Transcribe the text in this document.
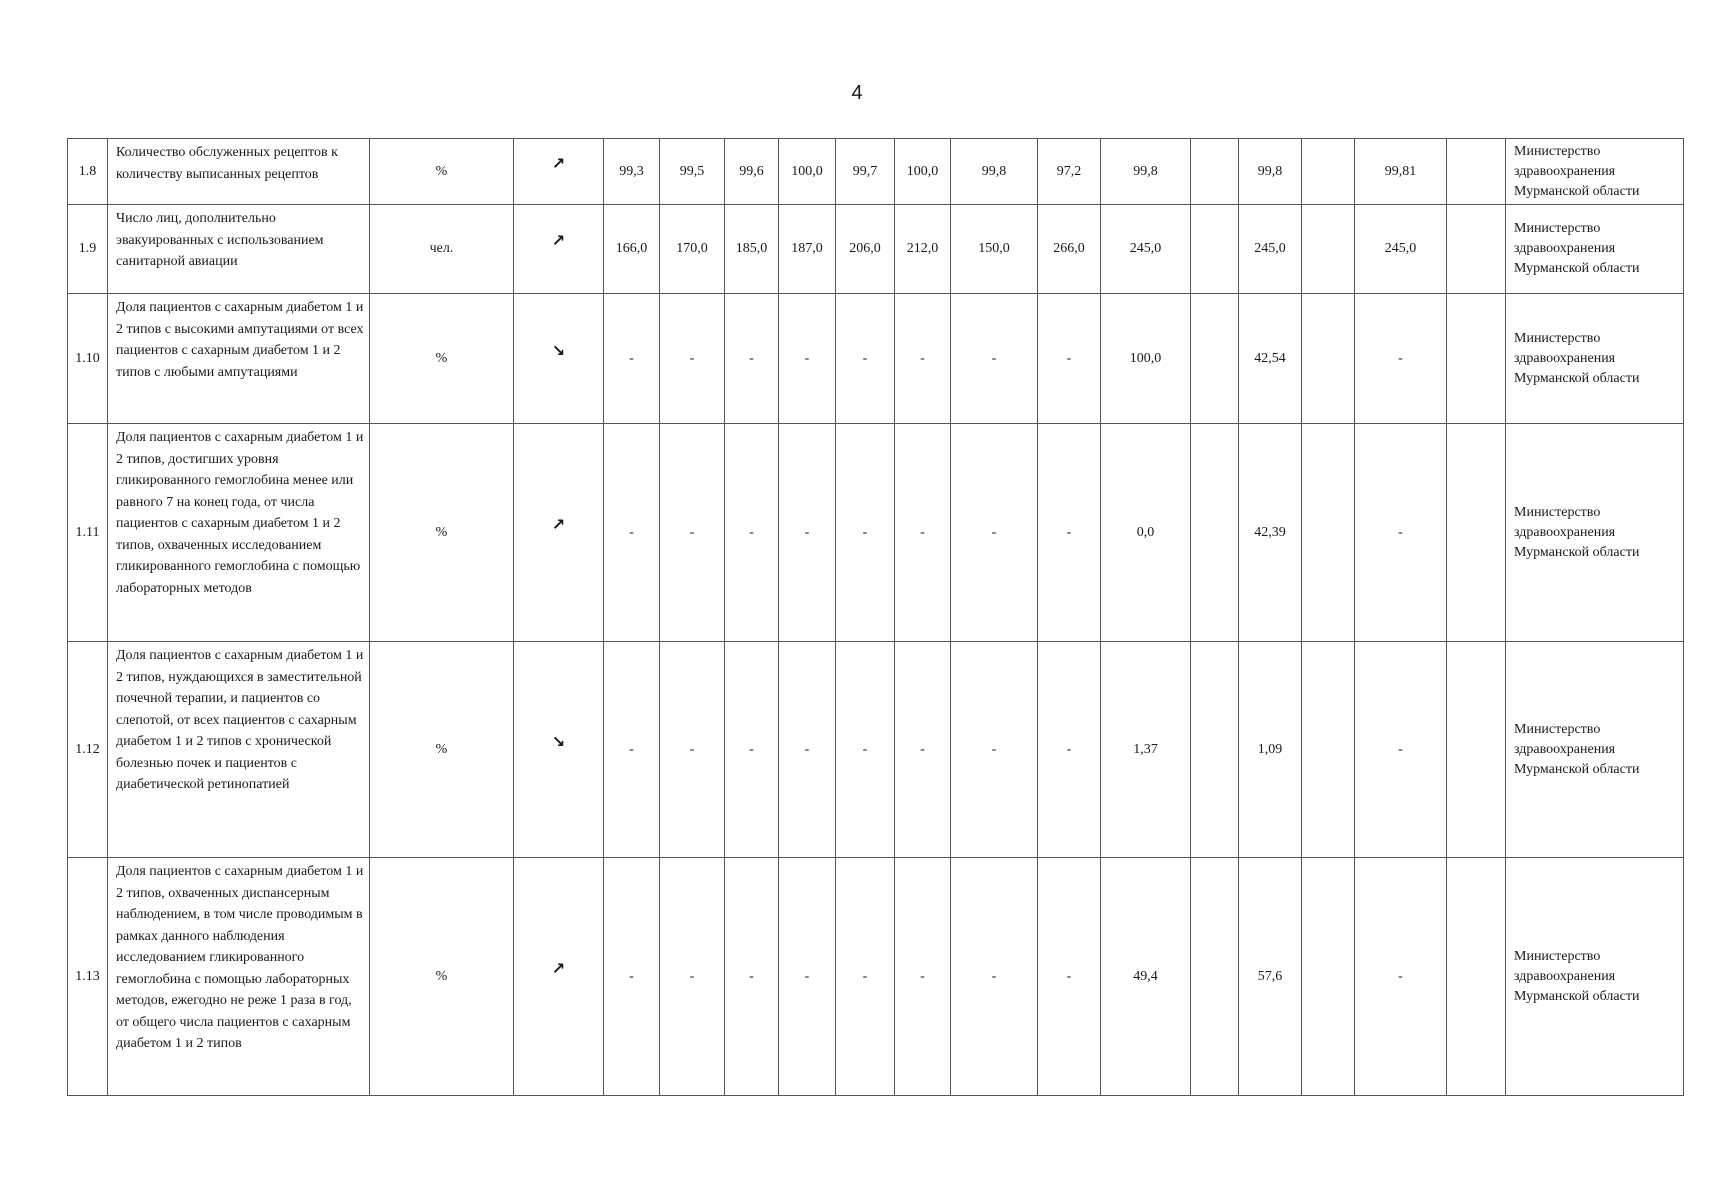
4
1.8	Количество обслуженных рецептов к количеству выписанных рецептов	%	↗	99,3	99,5	99,6	100,0	99,7	100,0	99,8	97,2	99,8		99,8		99,81		Министерство здравоохранения Мурманской области
1.9	Число лиц, дополнительно эвакуированных с использованием санитарной авиации	чел.	↗	166,0	170,0	185,0	187,0	206,0	212,0	150,0	266,0	245,0		245,0		245,0		Министерство здравоохранения Мурманской области
1.10	Доля пациентов с сахарным диабетом 1 и 2 типов с высокими ампутациями от всех пациентов с сахарным диабетом 1 и 2 типов с любыми ампутациями	%	↘	-	-	-	-	-	-	-	-	100,0		42,54		-		Министерство здравоохранения Мурманской области
1.11	Доля пациентов с сахарным диабетом 1 и 2 типов, достигших уровня гликированного гемоглобина менее или равного 7 на конец года, от числа пациентов с сахарным диабетом 1 и 2 типов, охваченных исследованием гликированного гемоглобина с помощью лабораторных методов	%	↗	-	-	-	-	-	-	-	-	0,0		42,39		-		Министерство здравоохранения Мурманской области
1.12	Доля пациентов с сахарным диабетом 1 и 2 типов, нуждающихся в заместительной почечной терапии, и пациентов со слепотой, от всех пациентов с сахарным диабетом 1 и 2 типов с хронической болезнью почек и пациентов с диабетической ретинопатией	%	↘	-	-	-	-	-	-	-	-	1,37		1,09		-		Министерство здравоохранения Мурманской области
1.13	Доля пациентов с сахарным диабетом 1 и 2 типов, охваченных диспансерным наблюдением, в том числе проводимым в рамках данного наблюдения исследованием гликированного гемоглобина с помощью лабораторных методов, ежегодно не реже 1 раза в год, от общего числа пациентов с сахарным диабетом 1 и 2 типов	%	↗	-	-	-	-	-	-	-	-	49,4		57,6		-		Министерство здравоохранения Мурманской области
